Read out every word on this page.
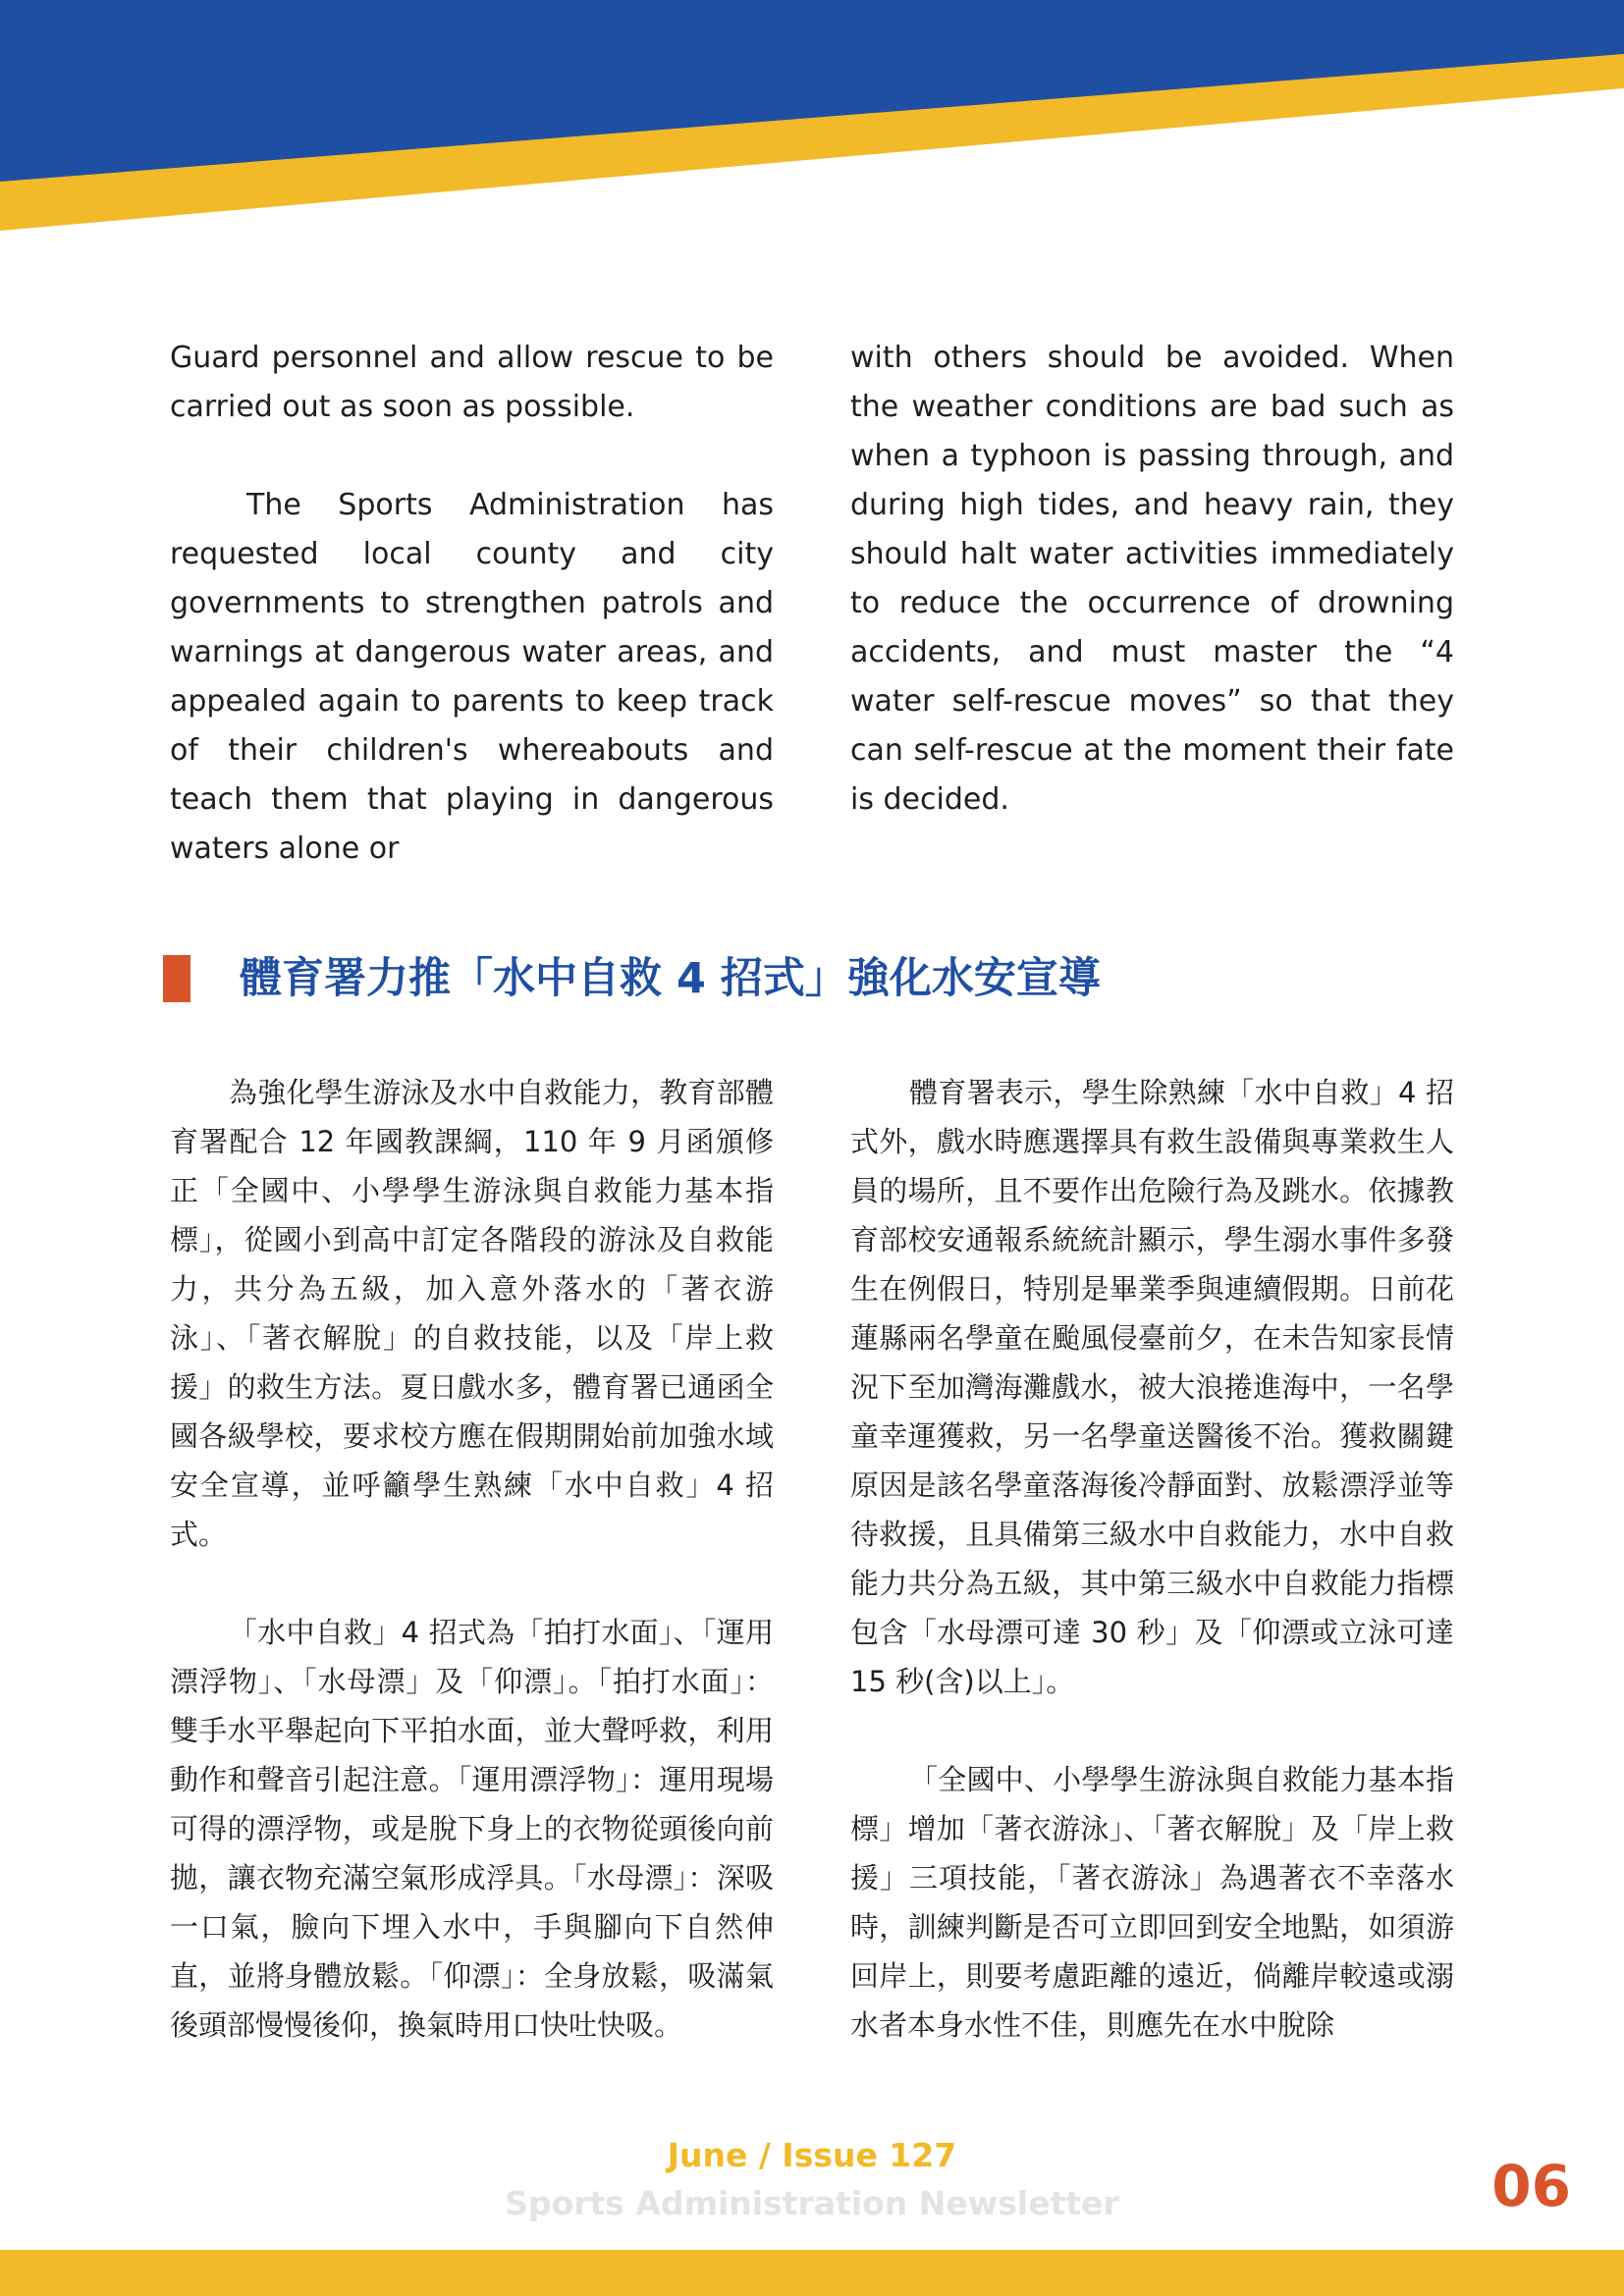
Guard personnel and allow rescue to be carried out as soon as possible.

The Sports Administration has requested local county and city governments to strengthen patrols and warnings at dangerous water areas, and appealed again to parents to keep track of their children's whereabouts and teach them that playing in dangerous waters alone or

with others should be avoided. When the weather conditions are bad such as when a typhoon is passing through, and during high tides, and heavy rain, they should halt water activities immediately to reduce the occurrence of drowning accidents, and must master the “4 water self-rescue moves” so that they can self-rescue at the moment their fate is decided.

體育署力推「水中自救 4 招式」強化水安宣導

為強化學生游泳及水中自救能力，教育部體育署配合 12 年國教課綱，110 年 9 月函頒修正「全國中、小學學生游泳與自救能力基本指標」，從國小到高中訂定各階段的游泳及自救能力，共分為五級，加入意外落水的「著衣游泳」、「著衣解脫」的自救技能，以及「岸上救援」的救生方法。夏日戲水多，體育署已通函全國各級學校，要求校方應在假期開始前加強水域安全宣導，並呼籲學生熟練「水中自救」4 招式。

「水中自救」4 招式為「拍打水面」、「運用漂浮物」、「水母漂」及「仰漂」。「拍打水面」：雙手水平舉起向下平拍水面，並大聲呼救，利用動作和聲音引起注意。「運用漂浮物」：運用現場可得的漂浮物，或是脫下身上的衣物從頭後向前拋，讓衣物充滿空氣形成浮具。「水母漂」：深吸一口氣，臉向下埋入水中，手與腳向下自然伸直，並將身體放鬆。「仰漂」：全身放鬆，吸滿氣後頭部慢慢後仰，換氣時用口快吐快吸。

體育署表示，學生除熟練「水中自救」4 招式外，戲水時應選擇具有救生設備與專業救生人員的場所，且不要作出危險行為及跳水。依據教育部校安通報系統統計顯示，學生溺水事件多發生在例假日，特別是畢業季與連續假期。日前花蓮縣兩名學童在颱風侵臺前夕，在未告知家長情況下至加灣海灘戲水，被大浪捲進海中，一名學童幸運獲救，另一名學童送醫後不治。獲救關鍵原因是該名學童落海後冷靜面對、放鬆漂浮並等待救援，且具備第三級水中自救能力，水中自救能力共分為五級，其中第三級水中自救能力指標包含「水母漂可達 30 秒」及「仰漂或立泳可達 15 秒(含)以上」。

「全國中、小學學生游泳與自救能力基本指標」增加「著衣游泳」、「著衣解脫」及「岸上救援」三項技能，「著衣游泳」為遇著衣不幸落水時，訓練判斷是否可立即回到安全地點，如須游回岸上，則要考慮距離的遠近，倘離岸較遠或溺水者本身水性不佳，則應先在水中脫除

June / Issue 127
Sports Administration Newsletter	06
